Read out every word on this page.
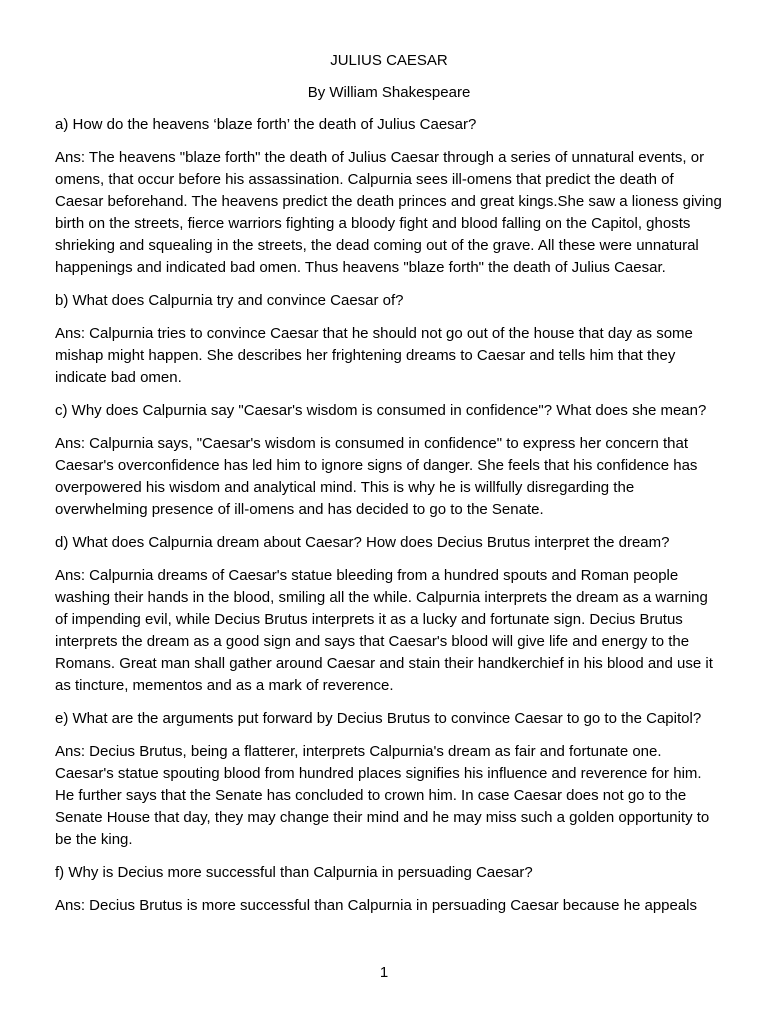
JULIUS CAESAR

By William Shakespeare

a) How do the heavens ‘blaze forth’ the death of Julius Caesar?

Ans: The heavens "blaze forth" the death of Julius Caesar through a series of unnatural events, or omens, that occur before his assassination. Calpurnia sees ill-omens that predict the death of Caesar beforehand. The heavens predict the death princes and great kings.She saw a lioness giving birth on the streets, fierce warriors fighting a bloody fight and blood falling on the Capitol, ghosts shrieking and squealing in the streets, the dead coming out of the grave. All these were unnatural happenings and indicated bad omen. Thus heavens "blaze forth" the death of Julius Caesar.

b) What does Calpurnia try and convince Caesar of?

Ans: Calpurnia tries to convince Caesar that he should not go out of the house that day as some mishap might happen. She describes her frightening dreams to Caesar and tells him that they indicate bad omen.

c) Why does Calpurnia say "Caesar's wisdom is consumed in confidence"? What does she mean?

Ans: Calpurnia says, "Caesar's wisdom is consumed in confidence" to express her concern that Caesar's overconfidence has led him to ignore signs of danger. She feels that his confidence has overpowered his wisdom and analytical mind. This is why he is willfully disregarding the overwhelming presence of ill-omens and has decided to go to the Senate.

d) What does Calpurnia dream about Caesar? How does Decius Brutus interpret the dream?

Ans: Calpurnia dreams of Caesar's statue bleeding from a hundred spouts and Roman people washing their hands in the blood, smiling all the while. Calpurnia interprets the dream as a warning of impending evil, while Decius Brutus interprets it as a lucky and fortunate sign. Decius Brutus interprets the dream as a good sign and says that Caesar's blood will give life and energy to the Romans. Great man shall gather around Caesar and stain their handkerchief in his blood and use it as tincture, mementos and as a mark of reverence.

e) What are the arguments put forward by Decius Brutus to convince Caesar to go to the Capitol?

Ans: Decius Brutus, being a flatterer, interprets Calpurnia's dream as fair and fortunate one. Caesar's statue spouting blood from hundred places signifies his influence and reverence for him. He further says that the Senate has concluded to crown him. In case Caesar does not go to the Senate House that day, they may change their mind and he may miss such a golden opportunity to be the king.

f) Why is Decius more successful than Calpurnia in persuading Caesar?

Ans: Decius Brutus is more successful than Calpurnia in persuading Caesar because he appeals

1
